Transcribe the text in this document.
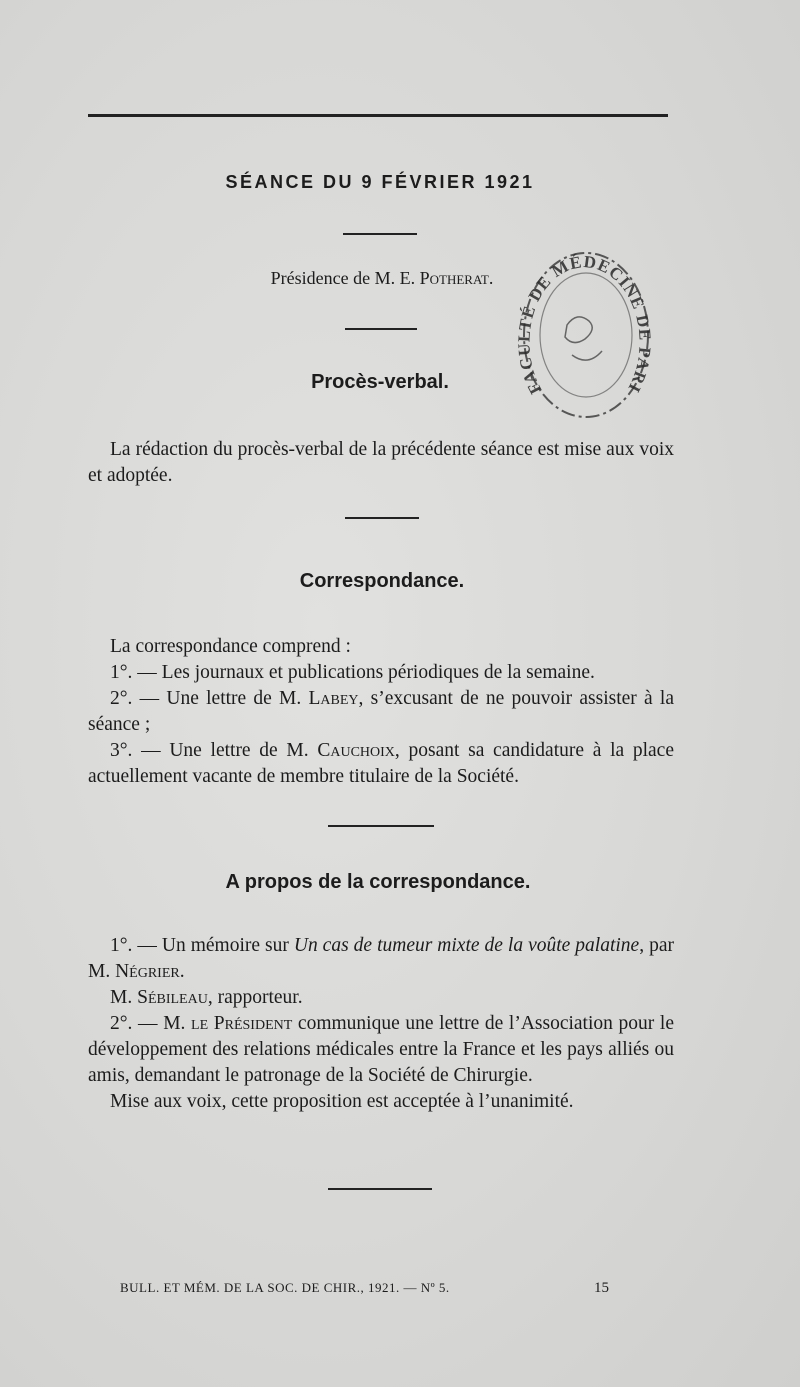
SÉANCE DU 9 FÉVRIER 1921
Présidence de M. E. Potherat.
FACULTÉ DE MÉDECINE DE PARI
Procès-verbal.

La rédaction du procès-verbal de la précédente séance est mise aux voix et adoptée.

Correspondance.

La correspondance comprend :

1°. — Les journaux et publications périodiques de la semaine.

2°. — Une lettre de M. Labey, s’excusant de ne pouvoir assister à la séance ;

3°. — Une lettre de M. Cauchoix, posant sa candidature à la place actuellement vacante de membre titulaire de la Société.

A propos de la correspondance.

1°. — Un mémoire sur Un cas de tumeur mixte de la voûte palatine, par M. Négrier.

M. Sébileau, rapporteur.

2°. — M. le Président communique une lettre de l’Association pour le développement des relations médicales entre la France et les pays alliés ou amis, demandant le patronage de la Société de Chirurgie.

Mise aux voix, cette proposition est acceptée à l’unanimité.

BULL. ET MÉM. DE LA SOC. DE CHIR., 1921. — Nº 5.	15
